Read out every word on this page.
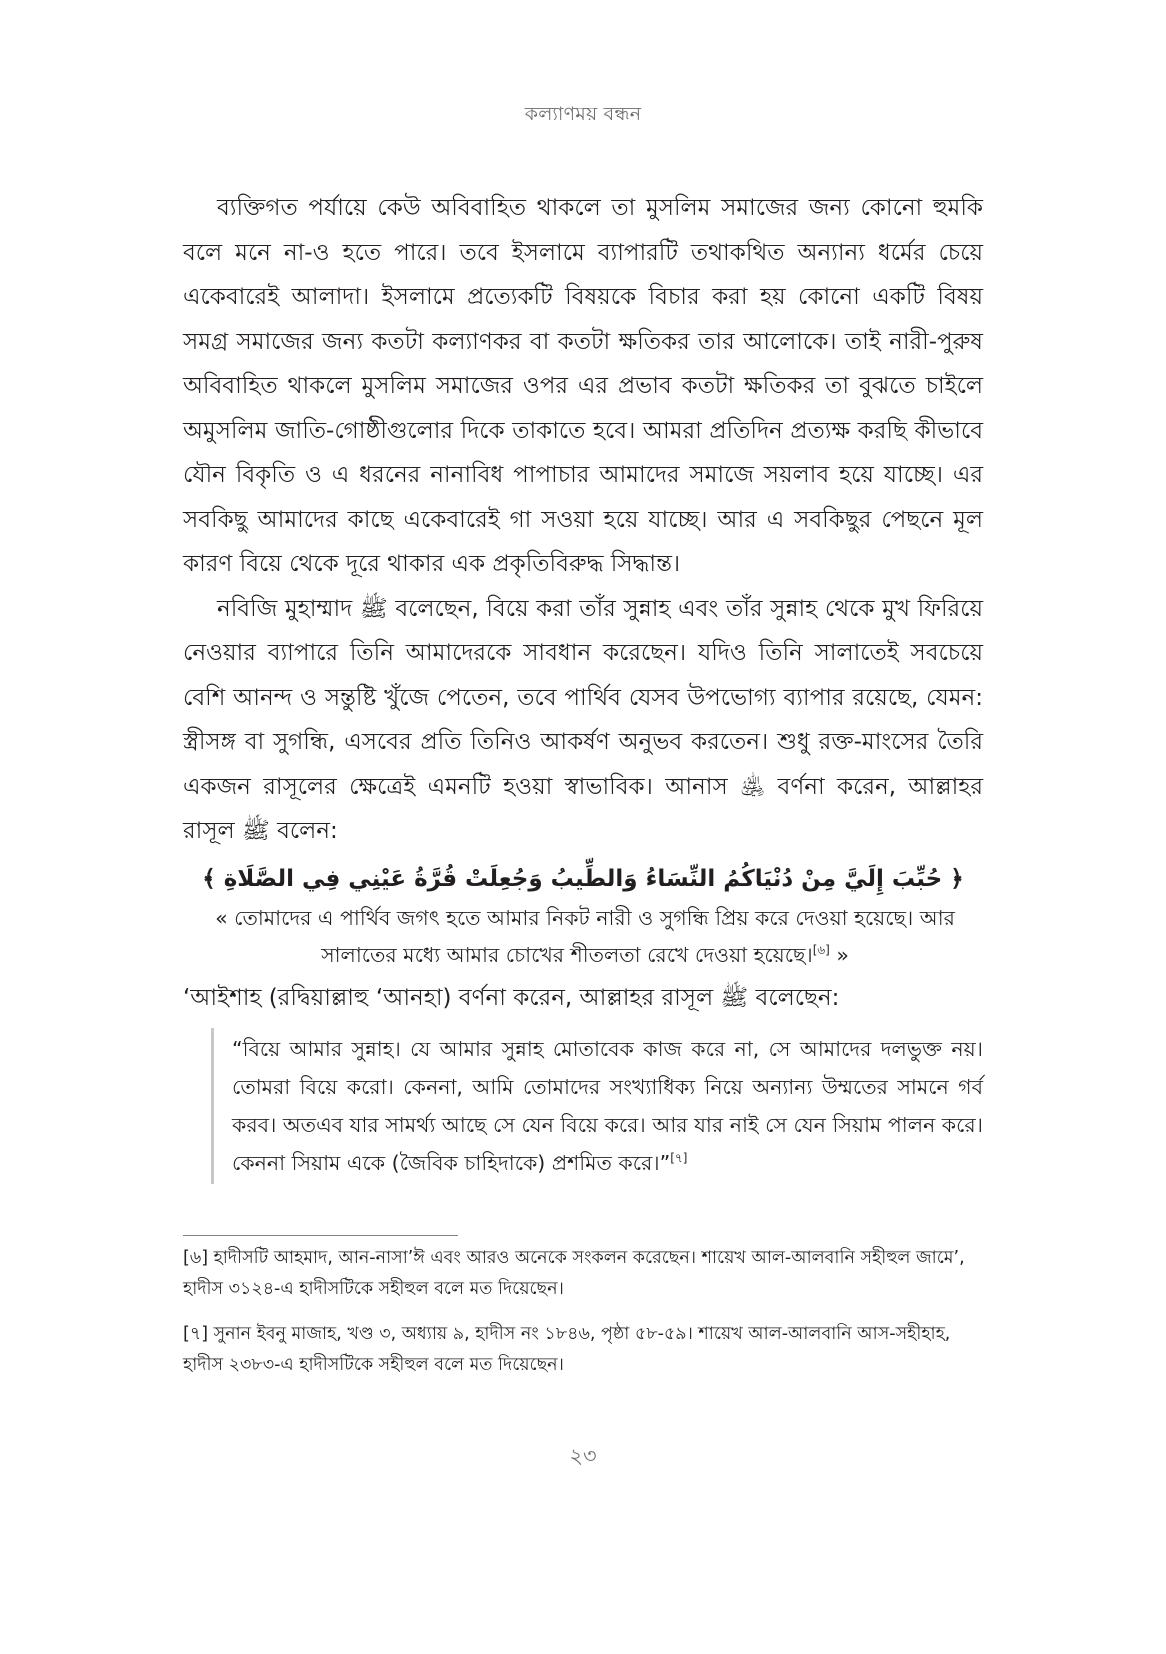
কল্যাণময় বন্ধন

ব্যক্তিগত পর্যায়ে কেউ অবিবাহিত থাকলে তা মুসলিম সমাজের জন্য কোনো হুমকি বলে মনে না-ও হতে পারে। তবে ইসলামে ব্যাপারটি তথাকথিত অন্যান্য ধর্মের চেয়ে একেবারেই আলাদা। ইসলামে প্রত্যেকটি বিষয়কে বিচার করা হয় কোনো একটি বিষয় সমগ্র সমাজের জন্য কতটা কল্যাণকর বা কতটা ক্ষতিকর তার আলোকে। তাই নারী-পুরুষ অবিবাহিত থাকলে মুসলিম সমাজের ওপর এর প্রভাব কতটা ক্ষতিকর তা বুঝতে চাইলে অমুসলিম জাতি-গোষ্ঠীগুলোর দিকে তাকাতে হবে। আমরা প্রতিদিন প্রত্যক্ষ করছি কীভাবে যৌন বিকৃতি ও এ ধরনের নানাবিধ পাপাচার আমাদের সমাজে সয়লাব হয়ে যাচ্ছে। এর সবকিছু আমাদের কাছে একেবারেই গা সওয়া হয়ে যাচ্ছে। আর এ সবকিছুর পেছনে মূল কারণ বিয়ে থেকে দূরে থাকার এক প্রকৃতিবিরুদ্ধ সিদ্ধান্ত।

নবিজি মুহাম্মাদ ﷺ বলেছেন, বিয়ে করা তাঁর সুন্নাহ এবং তাঁর সুন্নাহ থেকে মুখ ফিরিয়ে নেওয়ার ব্যাপারে তিনি আমাদেরকে সাবধান করেছেন। যদিও তিনি সালাতেই সবচেয়ে বেশি আনন্দ ও সন্তুষ্টি খুঁজে পেতেন, তবে পার্থিব যেসব উপভোগ্য ব্যাপার রয়েছে, যেমন: স্ত্রীসঙ্গ বা সুগন্ধি, এসবের প্রতি তিনিও আকর্ষণ অনুভব করতেন। শুধু রক্ত-মাংসের তৈরি একজন রাসূলের ক্ষেত্রেই এমনটি হওয়া স্বাভাবিক। আনাস ﵁ বর্ণনা করেন, আল্লাহর রাসূল ﷺ বলেন:

﴿ حُبِّبَ إِلَيَّ مِنْ دُنْيَاكُمُ النِّسَاءُ وَالطِّيبُ وَجُعِلَتْ قُرَّةُ عَيْنِي فِي الصَّلَاةِ ﴾

« তোমাদের এ পার্থিব জগৎ হতে আমার নিকট নারী ও সুগন্ধি প্রিয় করে দেওয়া হয়েছে। আর সালাতের মধ্যে আমার চোখের শীতলতা রেখে দেওয়া হয়েছে।[৬] »

‘আইশাহ (রদ্বিয়াল্লাহু ‘আনহা) বর্ণনা করেন, আল্লাহর রাসূল ﷺ বলেছেন:

“বিয়ে আমার সুন্নাহ। যে আমার সুন্নাহ মোতাবেক কাজ করে না, সে আমাদের দলভুক্ত নয়। তোমরা বিয়ে করো। কেননা, আমি তোমাদের সংখ্যাধিক্য নিয়ে অন্যান্য উম্মতের সামনে গর্ব করব। অতএব যার সামর্থ্য আছে সে যেন বিয়ে করে। আর যার নাই সে যেন সিয়াম পালন করে। কেননা সিয়াম একে (জৈবিক চাহিদাকে) প্রশমিত করে।”[৭]

[৬] হাদীসটি আহমাদ, আন-নাসা’ঈ এবং আরও অনেকে সংকলন করেছেন। শায়েখ আল-আলবানি সহীহুল জামে’, হাদীস ৩১২৪-এ হাদীসটিকে সহীহুল বলে মত দিয়েছেন।

[৭] সুনান ইবনু মাজাহ, খণ্ড ৩, অধ্যায় ৯, হাদীস নং ১৮৪৬, পৃষ্ঠা ৫৮-৫৯। শায়েখ আল-আলবানি আস-সহীহাহ, হাদীস ২৩৮৩-এ হাদীসটিকে সহীহুল বলে মত দিয়েছেন।

২৩
